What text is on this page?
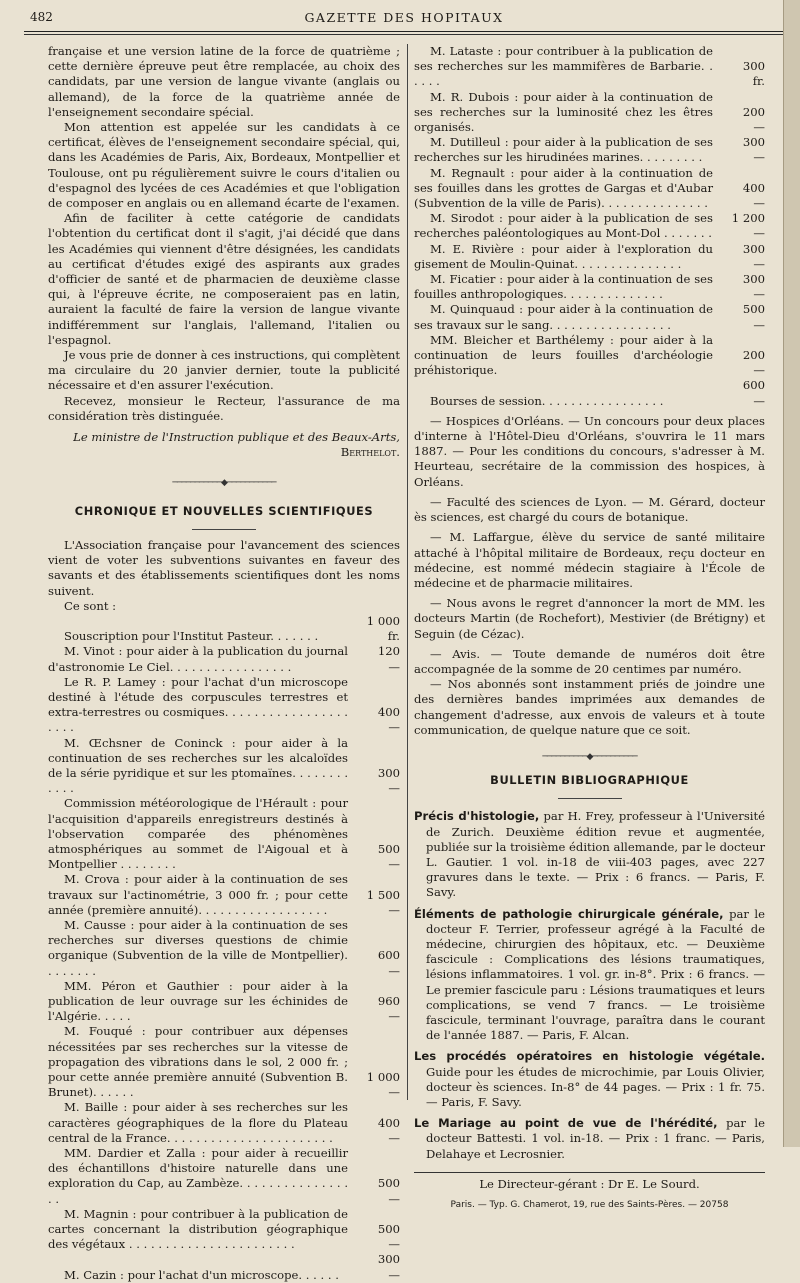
482	GAZETTE DES HOPITAUX

française et une version latine de la force de quatrième ; cette dernière épreuve peut être remplacée, au choix des candidats, par une version de langue vivante (anglais ou allemand), de la force de la quatrième année de l'enseignement secondaire spécial.

Mon attention est appelée sur les candidats à ce certificat, élèves de l'enseignement secondaire spécial, qui, dans les Académies de Paris, Aix, Bordeaux, Montpellier et Toulouse, ont pu régulièrement suivre le cours d'italien ou d'espagnol des lycées de ces Académies et que l'obligation de composer en anglais ou en allemand écarte de l'examen.

Afin de faciliter à cette catégorie de candidats l'obtention du certificat dont il s'agit, j'ai décidé que dans les Académies qui viennent d'être désignées, les candidats au certificat d'études exigé des aspirants aux grades d'officier de santé et de pharmacien de deuxième classe qui, à l'épreuve écrite, ne composeraient pas en latin, auraient la faculté de faire la version de langue vivante indifféremment sur l'anglais, l'allemand, l'italien ou l'espagnol.

Je vous prie de donner à ces instructions, qui complètent ma circulaire du 20 janvier dernier, toute la publicité nécessaire et d'en assurer l'exécution.

Recevez, monsieur le Recteur, l'assurance de ma considération très distinguée.

Le ministre de l'Instruction publique et des Beaux-Arts,

Berthelot.

───────────◆───────────
CHRONIQUE ET NOUVELLES SCIENTIFIQUES

L'Association française pour l'avancement des sciences vient de voter les subventions suivantes en faveur des savants et des établissements scientifiques dont les noms suivent.

Ce sont :

Souscription pour l'Institut Pasteur. . . . . . .
1 000 fr.
M. Vinot : pour aider à la publication du journal d'astronomie Le Ciel. . . . . . . . . . . . . . . . .
120 —
Le R. P. Lamey : pour l'achat d'un microscope destiné à l'étude des corpuscules terrestres et extra-terrestres ou cosmiques. . . . . . . . . . . . . . . . . . . . .
400 —
M. Œchsner de Coninck : pour aider à la continuation de ses recherches sur les alcaloïdes de la série pyridique et sur les ptomaïnes. . . . . . . . . . . .
300 —
Commission météorologique de l'Hérault : pour l'acquisition d'appareils enregistreurs destinés à l'observation comparée des phénomènes atmosphériques au sommet de l'Aigoual et à Montpellier . . . . . . . .
500 —
M. Crova : pour aider à la continuation de ses travaux sur l'actinométrie, 3 000 fr. ; pour cette année (première annuité). . . . . . . . . . . . . . . . . .
1 500 —
M. Causse : pour aider à la continuation de ses recherches sur diverses questions de chimie organique (Subvention de la ville de Montpellier). . . . . . . .
600 —
MM. Péron et Gauthier : pour aider à la publication de leur ouvrage sur les échinides de l'Algérie. . . . .
960 —
M. Fouqué : pour contribuer aux dépenses nécessitées par ses recherches sur la vitesse de propagation des vibrations dans le sol, 2 000 fr. ; pour cette année première annuité (Subvention B. Brunet). . . . . .
1 000 —
M. Baille : pour aider à ses recherches sur les caractères géographiques de la flore du Plateau central de la France. . . . . . . . . . . . . . . . . . . . . . .
400 —
MM. Dardier et Zalla : pour aider à recueillir des échantillons d'histoire naturelle dans une exploration du Cap, au Zambèze. . . . . . . . . . . . . . . . .
500 —
M. Magnin : pour contribuer à la publication de cartes concernant la distribution géographique des végétaux . . . . . . . . . . . . . . . . . . . . . . .
500 —
M. Cazin : pour l'achat d'un microscope. . . . . .
300 —
M. Lataste : pour contribuer à la publication de ses recherches sur les mammifères de Barbarie. . . . . .
300 fr.
M. R. Dubois : pour aider à la continuation de ses recherches sur la luminosité chez les êtres organisés.
200 —
M. Dutilleul : pour aider à la publication de ses recherches sur les hirudinées marines. . . . . . . . .
300 —
M. Regnault : pour aider à la continuation de ses fouilles dans les grottes de Gargas et d'Aubar (Subvention de la ville de Paris). . . . . . . . . . . . . . .
400 —
M. Sirodot : pour aider à la publication de ses recherches paléontologiques au Mont-Dol . . . . . . .
1 200 —
M. E. Rivière : pour aider à l'exploration du gisement de Moulin-Quinat. . . . . . . . . . . . . . .
300 —
M. Ficatier : pour aider à la continuation de ses fouilles anthropologiques. . . . . . . . . . . . . .
300 —
M. Quinquaud : pour aider à la continuation de ses travaux sur le sang. . . . . . . . . . . . . . . . .
500 —
MM. Bleicher et Barthélemy : pour aider à la continuation de leurs fouilles d'archéologie préhistorique.
200 —
Bourses de session. . . . . . . . . . . . . . . . .
600 —

— Hospices d'Orléans. — Un concours pour deux places d'interne à l'Hôtel-Dieu d'Orléans, s'ouvrira le 11 mars 1887. — Pour les conditions du concours, s'adresser à M. Heurteau, secrétaire de la commission des hospices, à Orléans.

— Faculté des sciences de Lyon. — M. Gérard, docteur ès sciences, est chargé du cours de botanique.

— M. Laffargue, élève du service de santé militaire attaché à l'hôpital militaire de Bordeaux, reçu docteur en médecine, est nommé médecin stagiaire à l'École de médecine et de pharmacie militaires.

— Nous avons le regret d'annoncer la mort de MM. les docteurs Martin (de Rochefort), Mestivier (de Brétigny) et Seguin (de Cézac).

— Avis. — Toute demande de numéros doit être accompagnée de la somme de 20 centimes par numéro.

— Nos abonnés sont instamment priés de joindre une des dernières bandes imprimées aux demandes de changement d'adresse, aux envois de valeurs et à toute communication, de quelque nature que ce soit.

──────────◆──────────
BULLETIN BIBLIOGRAPHIQUE

Précis d'histologie, par H. Frey, professeur à l'Université de Zurich. Deuxième édition revue et augmentée, publiée sur la troisième édition allemande, par le docteur L. Gautier. 1 vol. in-18 de viii-403 pages, avec 227 gravures dans le texte. — Prix : 6 francs. — Paris, F. Savy.

Éléments de pathologie chirurgicale générale, par le docteur F. Terrier, professeur agrégé à la Faculté de médecine, chirurgien des hôpitaux, etc. — Deuxième fascicule : Complications des lésions traumatiques, lésions inflammatoires. 1 vol. gr. in-8°. Prix : 6 francs. — Le premier fascicule paru : Lésions traumatiques et leurs complications, se vend 7 francs. — Le troisième fascicule, terminant l'ouvrage, paraîtra dans le courant de l'année 1887. — Paris, F. Alcan.

Les procédés opératoires en histologie végétale. Guide pour les études de microchimie, par Louis Olivier, docteur ès sciences. In-8° de 44 pages. — Prix : 1 fr. 75. — Paris, F. Savy.

Le Mariage au point de vue de l'hérédité, par le docteur Battesti. 1 vol. in-18. — Prix : 1 franc. — Paris, Delahaye et Lecrosnier.

Le Directeur-gérant : Dr E. Le Sourd.
Paris. — Typ. G. Chamerot, 19, rue des Saints-Pères. — 20758
